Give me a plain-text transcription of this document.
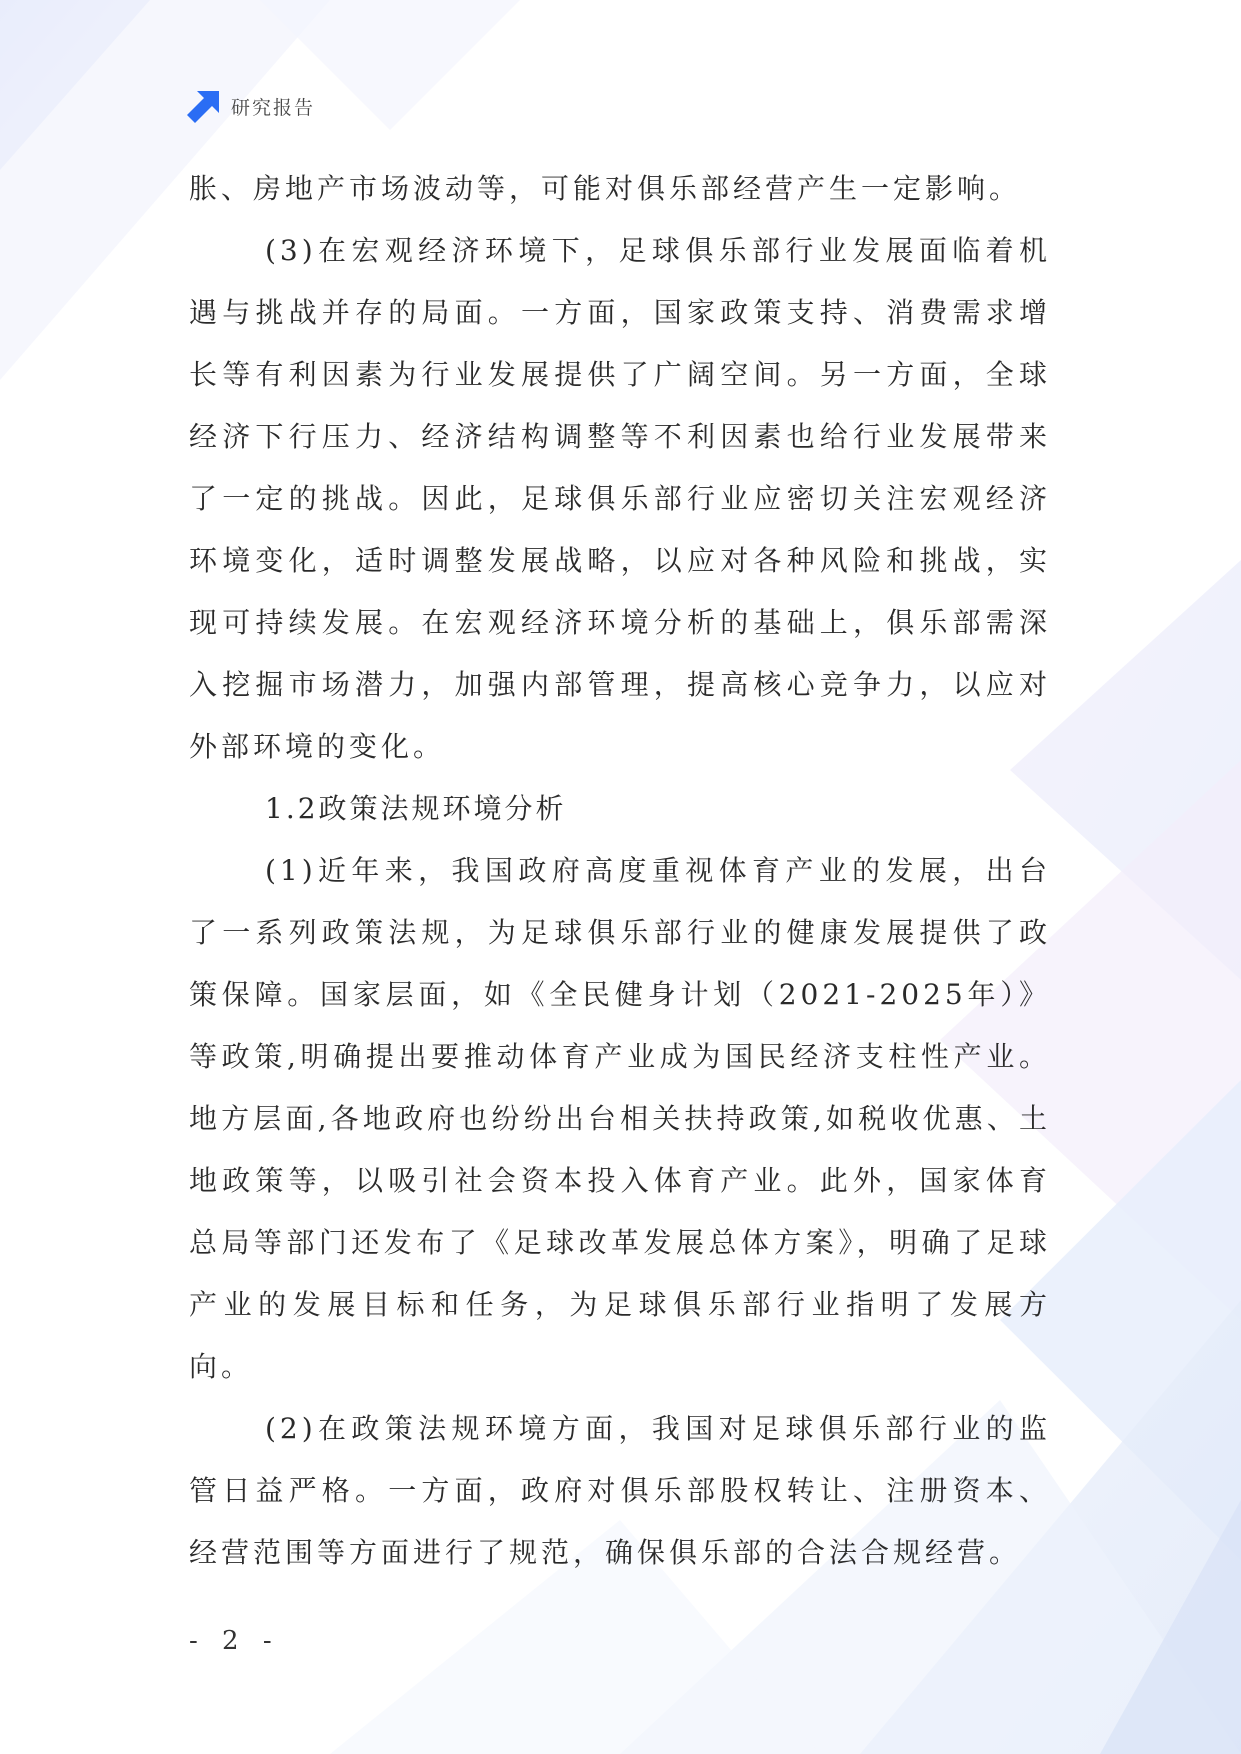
研究报告

胀、房地产市场波动等，可能对俱乐部经营产生一定影响。

(3)在宏观经济环境下，足球俱乐部行业发展面临着机遇与挑战并存的局面。一方面，国家政策支持、消费需求增长等有利因素为行业发展提供了广阔空间。另一方面，全球经济下行压力、经济结构调整等不利因素也给行业发展带来了一定的挑战。因此，足球俱乐部行业应密切关注宏观经济环境变化，适时调整发展战略，以应对各种风险和挑战，实现可持续发展。在宏观经济环境分析的基础上，俱乐部需深入挖掘市场潜力，加强内部管理，提高核心竞争力，以应对外部环境的变化。

1.2政策法规环境分析

(1)近年来，我国政府高度重视体育产业的发展，出台了一系列政策法规，为足球俱乐部行业的健康发展提供了政策保障。国家层面，如《全民健身计划（2021-2025年）》等政策,明确提出要推动体育产业成为国民经济支柱性产业。地方层面,各地政府也纷纷出台相关扶持政策,如税收优惠、土地政策等，以吸引社会资本投入体育产业。此外，国家体育总局等部门还发布了《足球改革发展总体方案》，明确了足球产业的发展目标和任务，为足球俱乐部行业指明了发展方向。

(2)在政策法规环境方面，我国对足球俱乐部行业的监管日益严格。一方面，政府对俱乐部股权转让、注册资本、经营范围等方面进行了规范，确保俱乐部的合法合规经营。

- 2 -
